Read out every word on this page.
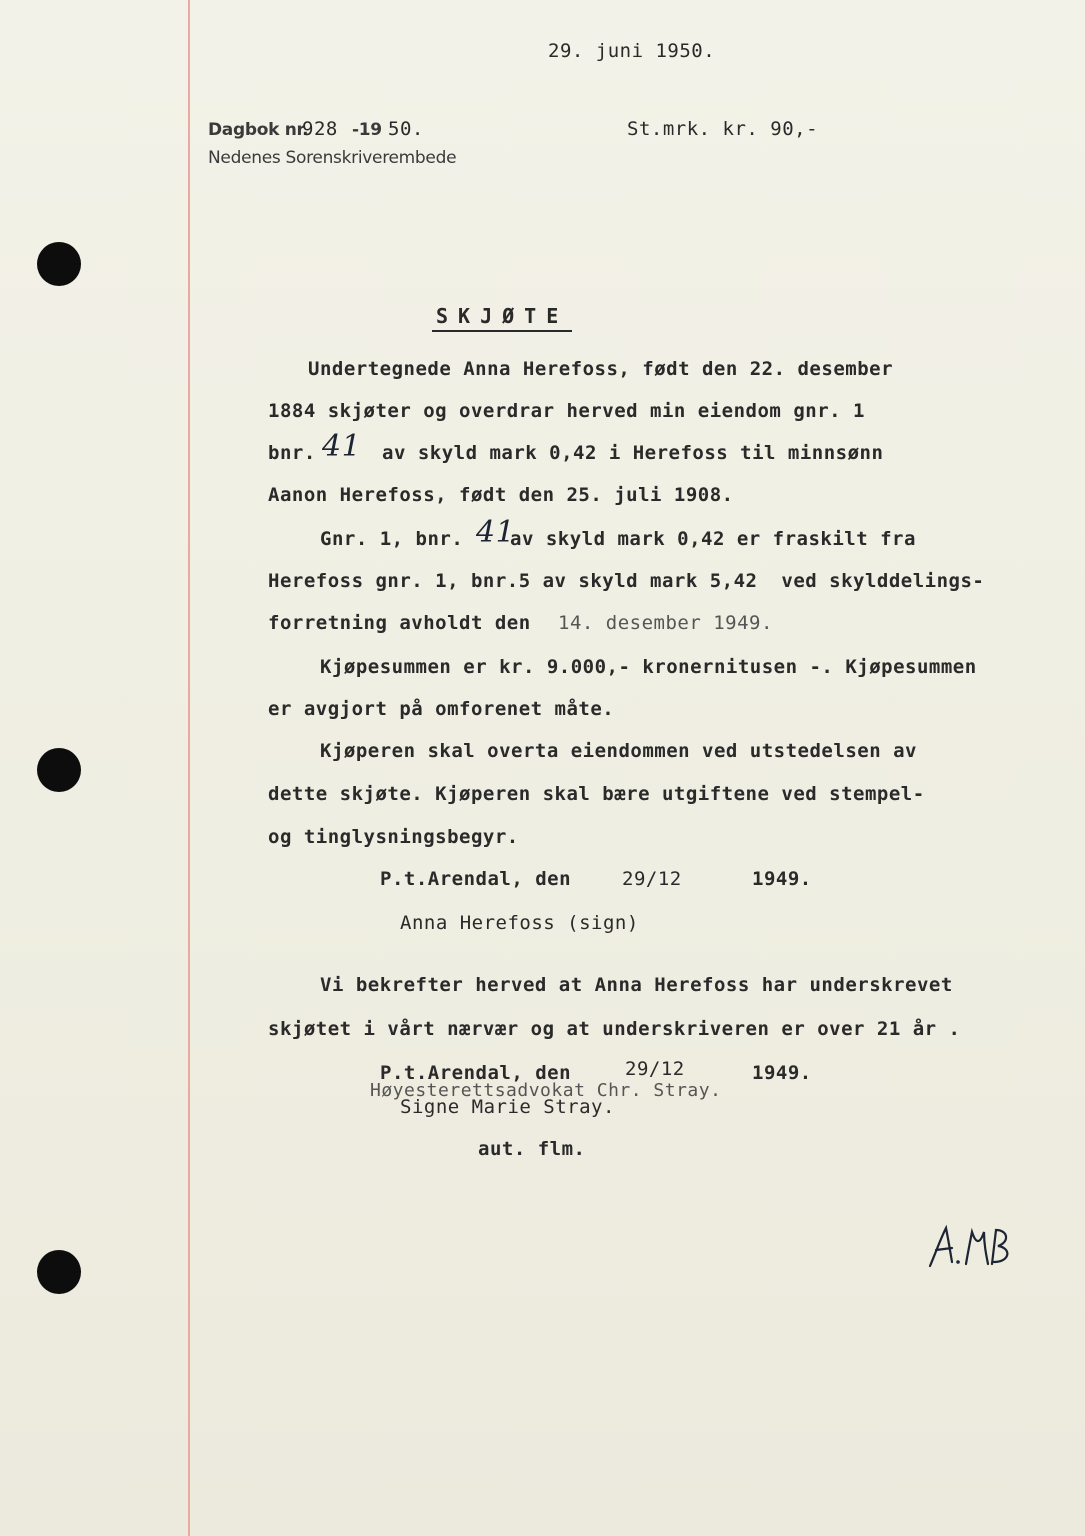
29. juni 1950.
Dagbok nr.
928 -19 50.
Nedenes Sorenskriverembede
St.mrk. kr. 90,-
SKJØTE
Undertegnede Anna Herefoss, født den 22. desember
1884 skjøter og overdrar herved min eiendom gnr. 1
bnr. 41 av skyld mark 0,42 i Herefoss til minnsønn
Aanon Herefoss, født den 25. juli 1908.
Gnr. 1, bnr. 41
av skyld mark 0,42 er fraskilt fra
Herefoss gnr. 1, bnr.5 av skyld mark 5,42  ved skylddelings-
forretning avholdt den 14. desember 1949.
Kjøpesummen er kr. 9.000,- kronernitusen -. Kjøpesummen
er avgjort på omforenet måte.
Kjøperen skal overta eiendommen ved utstedelsen av
dette skjøte. Kjøperen skal bære utgiftene ved stempel-
og tinglysningsbegyr.
P.t.Arendal, den	29/12	1949.
Anna Herefoss (sign)
Vi bekrefter herved at Anna Herefoss har underskrevet
skjøtet i vårt nærvær og at underskriveren er over 21 år .
P.t.Arendal, den	29/12	1949.
Høyesterettsadvokat Chr. Stray.
Signe Marie Stray.
aut. flm.
